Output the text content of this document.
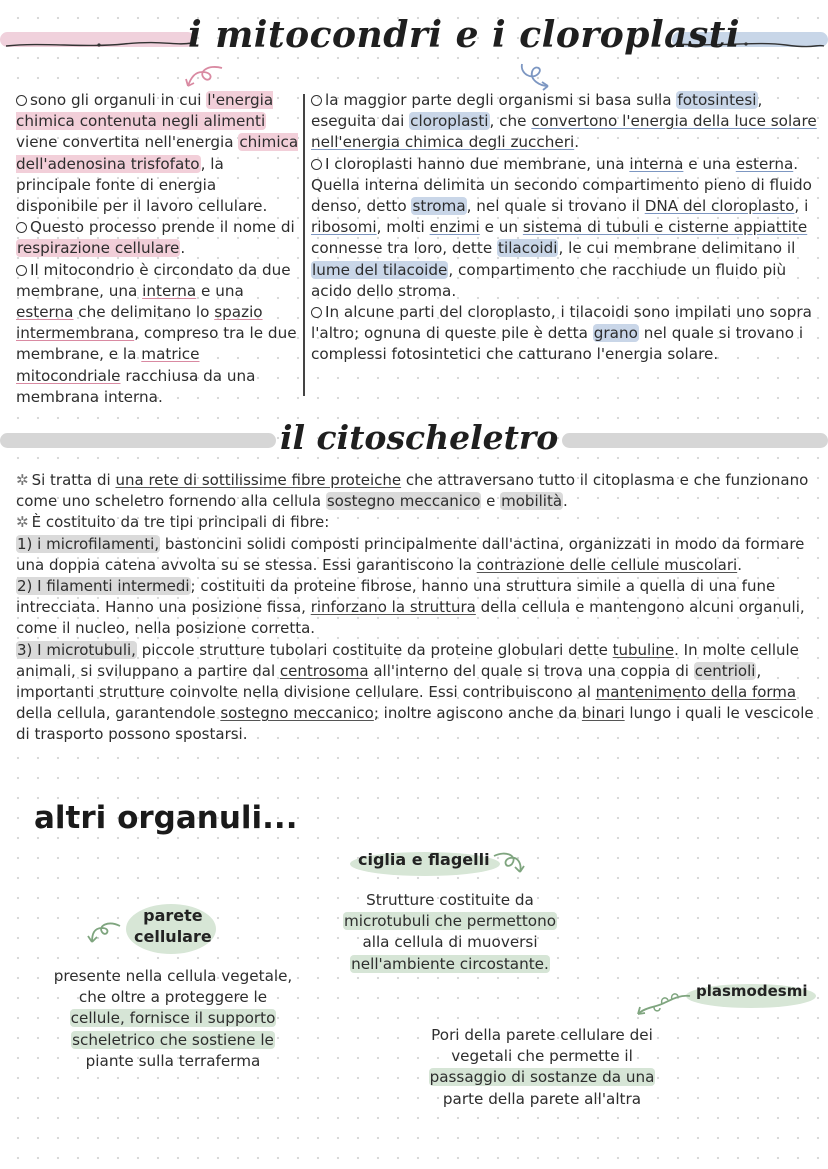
i mitocondri e i cloroplasti

sono gli organuli in cui l'energia chimica contenuta negli alimenti viene convertita nell'energia chimica dell'adenosina trisfofato, la principale fonte di energia disponibile per il lavoro cellulare.

Questo processo prende il nome di respirazione cellulare.

Il mitocondrio è circondato da due membrane, una interna e una esterna che delimitano lo spazio intermembrana, compreso tra le due membrane, e la matrice mitocondriale racchiusa da una membrana interna.

la maggior parte degli organismi si basa sulla fotosintesi, eseguita dai cloroplasti, che convertono l'energia della luce solare nell'energia chimica degli zuccheri.

I cloroplasti hanno due membrane, una interna e una esterna. Quella interna delimita un secondo compartimento pieno di fluido denso, detto stroma, nel quale si trovano il DNA del cloroplasto, i ribosomi, molti enzimi e un sistema di tubuli e cisterne appiattite connesse tra loro, dette tilacoidi, le cui membrane delimitano il lume del tilacoide, compartimento che racchiude un fluido più acido dello stroma.

In alcune parti del cloroplasto, i tilacoidi sono impilati uno sopra l'altro; ognuna di queste pile è detta grano nel quale si trovano i complessi fotosintetici che catturano l'energia solare.

il citoscheletro

✲ Si tratta di una rete di sottilissime fibre proteiche che attraversano tutto il citoplasma e che funzionano come uno scheletro fornendo alla cellula sostegno meccanico e mobilità.

✲ È costituito da tre tipi principali di fibre:

1) i microfilamenti, bastoncini solidi composti principalmente dall'actina, organizzati in modo da formare una doppia catena avvolta su se stessa. Essi garantiscono la contrazione delle cellule muscolari.

2) I filamenti intermedi; costituiti da proteine fibrose, hanno una struttura simile a quella di una fune intrecciata. Hanno una posizione fissa, rinforzano la struttura della cellula e mantengono alcuni organuli, come il nucleo, nella posizione corretta.

3) I microtubuli, piccole strutture tubolari costituite da proteine globulari dette tubuline. In molte cellule animali, si sviluppano a partire dal centrosoma all'interno del quale si trova una coppia di centrioli, importanti strutture coinvolte nella divisione cellulare. Essi contribuiscono al mantenimento della forma della cellula, garantendole sostegno meccanico; inoltre agiscono anche da binari lungo i quali le vescicole di trasporto possono spostarsi.

altri organuli...
ciglia e flagelli
Strutture costituite da
microtubuli che permettono
alla cellula di muoversi
nell'ambiente circostante.
parete
cellulare
presente nella cellula vegetale,
che oltre a proteggere le
cellule, fornisce il supporto
scheletrico che sostiene le
piante sulla terraferma
plasmodesmi
Pori della parete cellulare dei
vegetali che permette il
passaggio di sostanze da una
parte della parete all'altra
